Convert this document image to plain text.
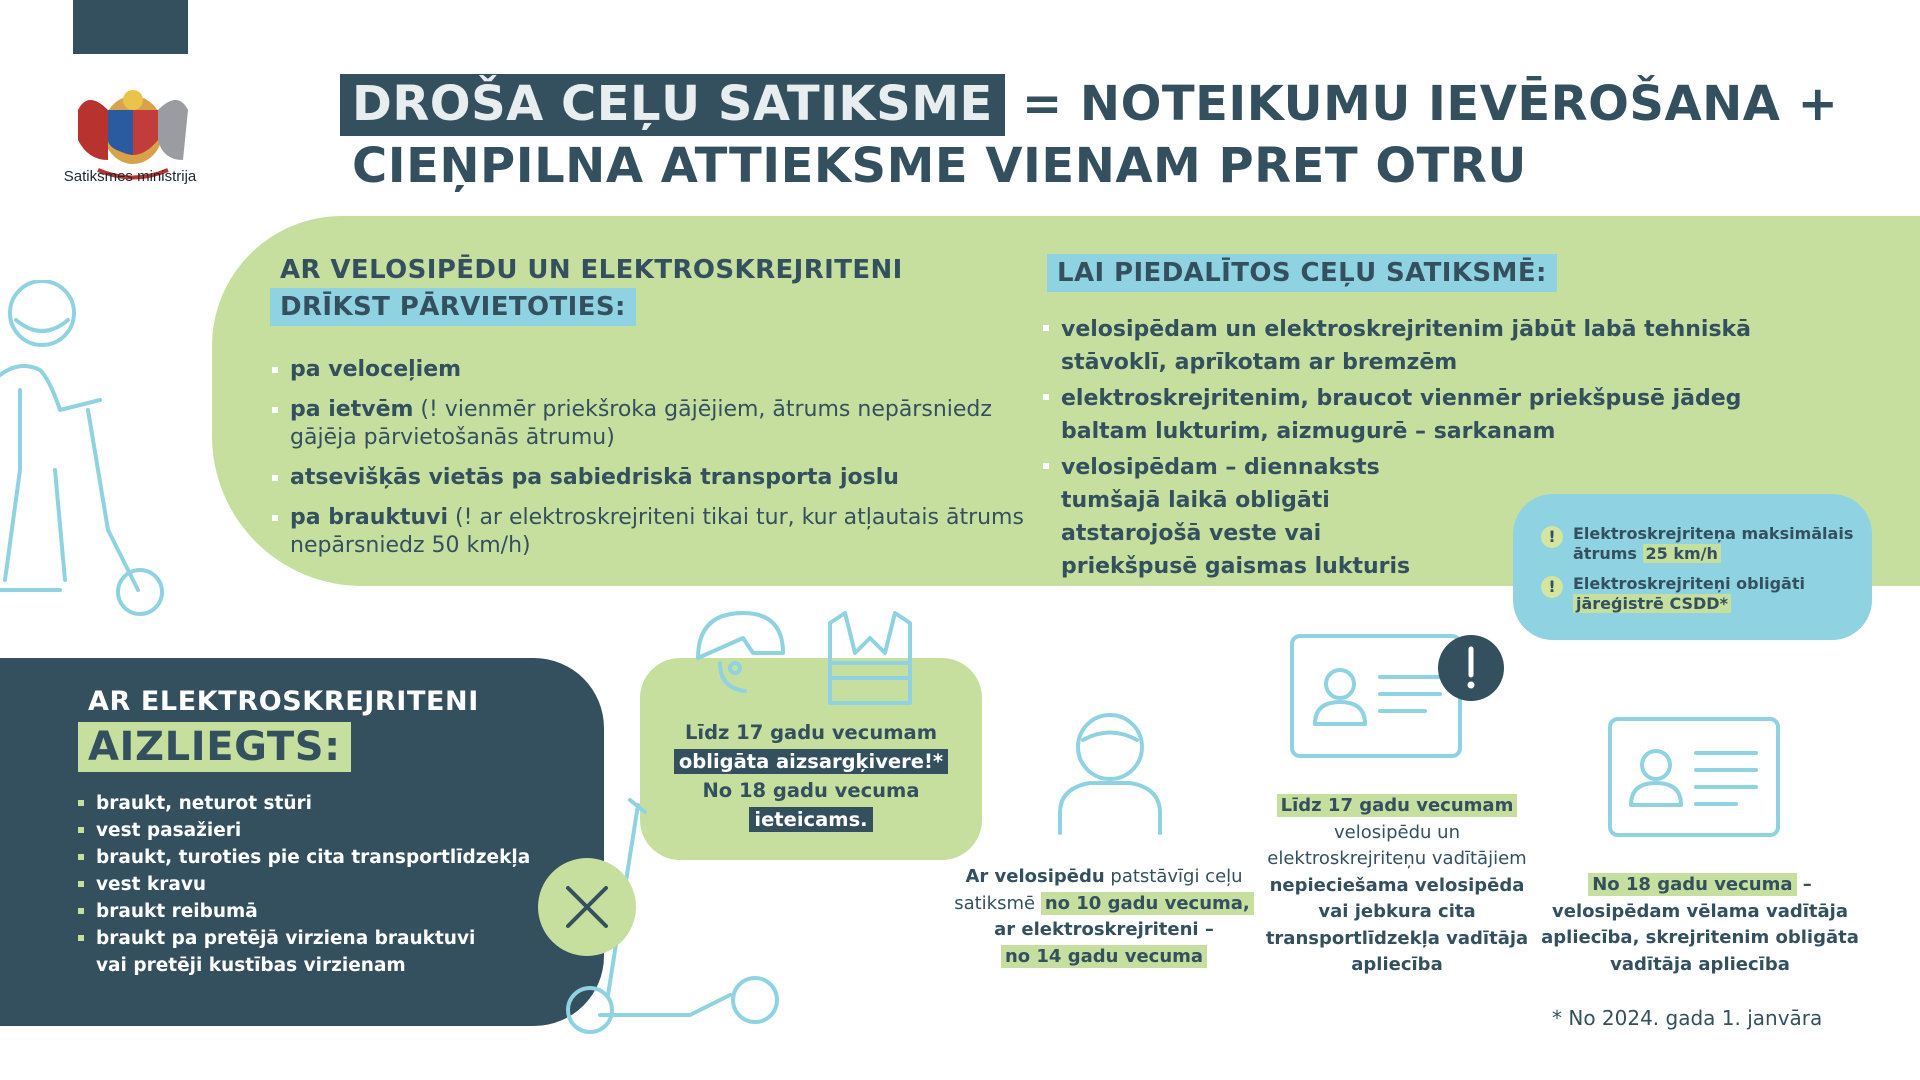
Satiksmes ministrija
DROŠA CEĻU SATIKSME = NOTEIKUMU IEVĒROŠANA +
CIEŅPILNA ATTIEKSME VIENAM PRET OTRU
AR VELOSIPĒDU UN ELEKTROSKREJRITENI
DRĪKST PĀRVIETOTIES:
pa veloceļiem
pa ietvēm (! vienmēr priekšroka gājējiem, ātrums nepārsniedz gājēja pārvietošanās ātrumu)
atsevišķās vietās pa sabiedriskā transporta joslu
pa brauktuvi (! ar elektroskrejriteni tikai tur, kur atļautais ātrums nepārsniedz 50 km/h)
LAI PIEDALĪTOS CEĻU SATIKSMĒ:
velosipēdam un elektroskrejritenim jābūt labā tehniskā stāvoklī, aprīkotam ar bremzēm
elektroskrejritenim, braucot vienmēr priekšpusē jādeg baltam lukturim, aizmugurē – sarkanam
velosipēdam – diennaksts tumšajā laikā obligāti atstarojošā veste vai priekšpusē gaismas lukturis
!	Elektroskrejriteņa maksimālais ātrums 25 km/h
!	Elektroskrejriteņi obligāti jāreģistrē CSDD*
AR ELEKTROSKREJRITENI
AIZLIEGTS:
braukt, neturot stūri
vest pasažieri
braukt, turoties pie cita transportlīdzekļa
vest kravu
braukt reibumā
braukt pa pretējā virziena brauktuvi vai pretēji kustības virzienam
Līdz 17 gadu vecumam
obligāta aizsargķivere!*
No 18 gadu vecuma
ieteicams.
Ar velosipēdu patstāvīgi ceļu satiksmē no 10 gadu vecuma,
ar elektroskrejriteni –
no 14 gadu vecuma
Līdz 17 gadu vecumam
velosipēdu un elektroskrejriteņu vadītājiem nepieciešama velosipēda vai jebkura cita transportlīdzekļa vadītāja apliecība
No 18 gadu vecuma – velosipēdam vēlama vadītāja apliecība, skrejritenim obligāta vadītāja apliecība
* No 2024. gada 1. janvāra
